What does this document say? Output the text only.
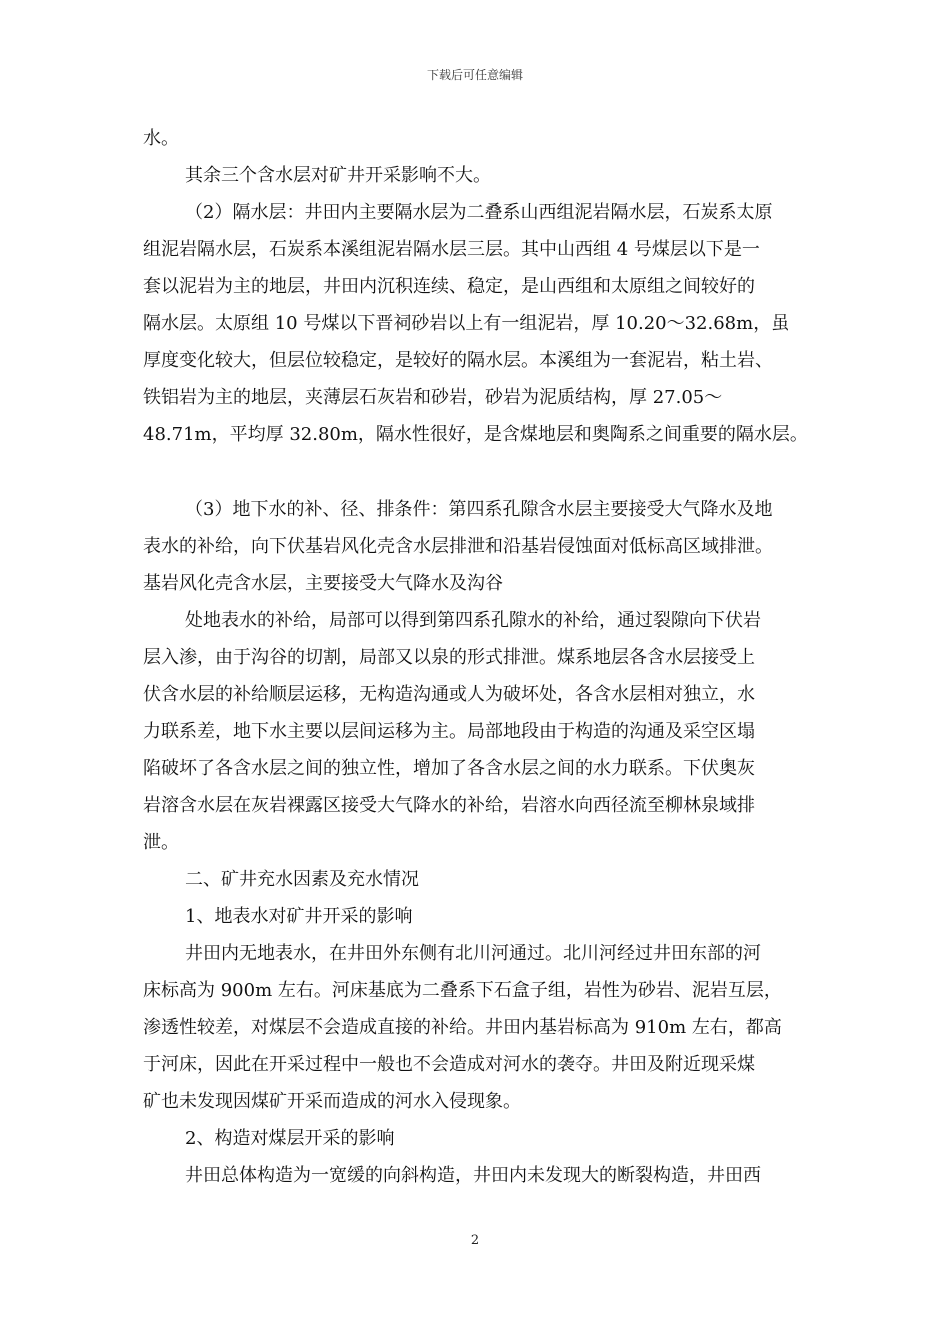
下载后可任意编辑
水。
其余三个含水层对矿井开采影响不大。
（2）隔水层：井田内主要隔水层为二叠系山西组泥岩隔水层，石炭系太原
组泥岩隔水层，石炭系本溪组泥岩隔水层三层。其中山西组 4 号煤层以下是一
套以泥岩为主的地层，井田内沉积连续、稳定，是山西组和太原组之间较好的
隔水层。太原组 10 号煤以下晋祠砂岩以上有一组泥岩，厚 10.20～32.68m，虽
厚度变化较大，但层位较稳定，是较好的隔水层。本溪组为一套泥岩，粘土岩、
铁铝岩为主的地层，夹薄层石灰岩和砂岩，砂岩为泥质结构，厚 27.05～
48.71m，平均厚 32.80m，隔水性很好，是含煤地层和奥陶系之间重要的隔水层。
（3）地下水的补、径、排条件：第四系孔隙含水层主要接受大气降水及地
表水的补给，向下伏基岩风化壳含水层排泄和沿基岩侵蚀面对低标高区域排泄。
基岩风化壳含水层，主要接受大气降水及沟谷
处地表水的补给，局部可以得到第四系孔隙水的补给，通过裂隙向下伏岩
层入渗，由于沟谷的切割，局部又以泉的形式排泄。煤系地层各含水层接受上
伏含水层的补给顺层运移，无构造沟通或人为破坏处，各含水层相对独立，水
力联系差，地下水主要以层间运移为主。局部地段由于构造的沟通及采空区塌
陷破坏了各含水层之间的独立性，增加了各含水层之间的水力联系。下伏奥灰
岩溶含水层在灰岩裸露区接受大气降水的补给，岩溶水向西径流至柳林泉域排
泄。
二、矿井充水因素及充水情况
1、地表水对矿井开采的影响
井田内无地表水，在井田外东侧有北川河通过。北川河经过井田东部的河
床标高为 900m 左右。河床基底为二叠系下石盒子组，岩性为砂岩、泥岩互层，
渗透性较差，对煤层不会造成直接的补给。井田内基岩标高为 910m 左右，都高
于河床，因此在开采过程中一般也不会造成对河水的袭夺。井田及附近现采煤
矿也未发现因煤矿开采而造成的河水入侵现象。
2、构造对煤层开采的影响
井田总体构造为一宽缓的向斜构造，井田内未发现大的断裂构造，井田西
2
